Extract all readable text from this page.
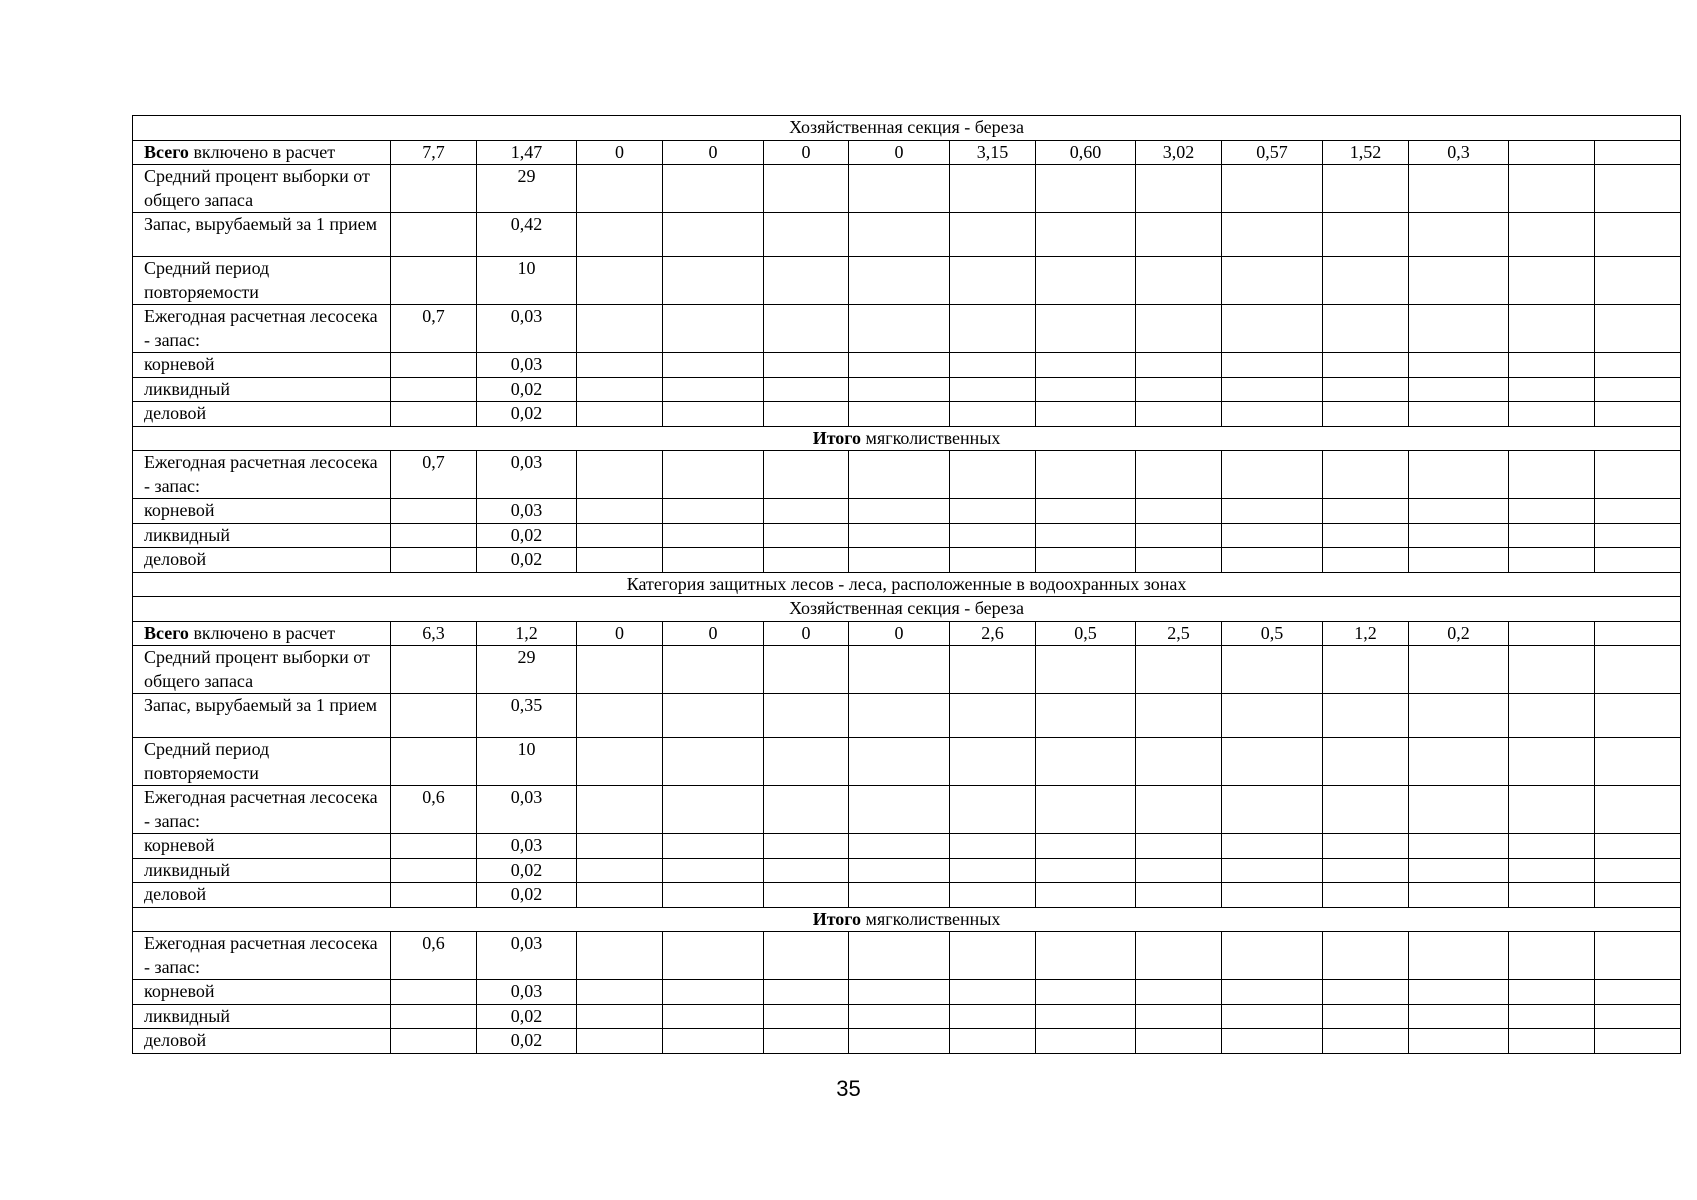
Хозяйственная секция - береза														
Всего включено в расчет	7,7	1,47	0	0	0	0	3,15	0,60	3,02	0,57	1,52	0,3		
Средний процент выборки от общего запаса		29												
Запас, вырубаемый за 1 прием		0,42												
Средний период повторяемости		10												
Ежегодная расчетная лесосека - запас:	0,7	0,03												
корневой		0,03												
ликвидный		0,02												
деловой		0,02												
Итого мягколиственных														
Ежегодная расчетная лесосека - запас:	0,7	0,03												
корневой		0,03												
ликвидный		0,02												
деловой		0,02												
Категория защитных лесов - леса, расположенные в водоохранных зонах														
Хозяйственная секция - береза														
Всего включено в расчет	6,3	1,2	0	0	0	0	2,6	0,5	2,5	0,5	1,2	0,2		
Средний процент выборки от общего запаса		29												
Запас, вырубаемый за 1 прием		0,35												
Средний период повторяемости		10												
Ежегодная расчетная лесосека - запас:	0,6	0,03												
корневой		0,03												
ликвидный		0,02												
деловой		0,02												
Итого мягколиственных														
Ежегодная расчетная лесосека - запас:	0,6	0,03												
корневой		0,03												
ликвидный		0,02												
деловой		0,02												
35
